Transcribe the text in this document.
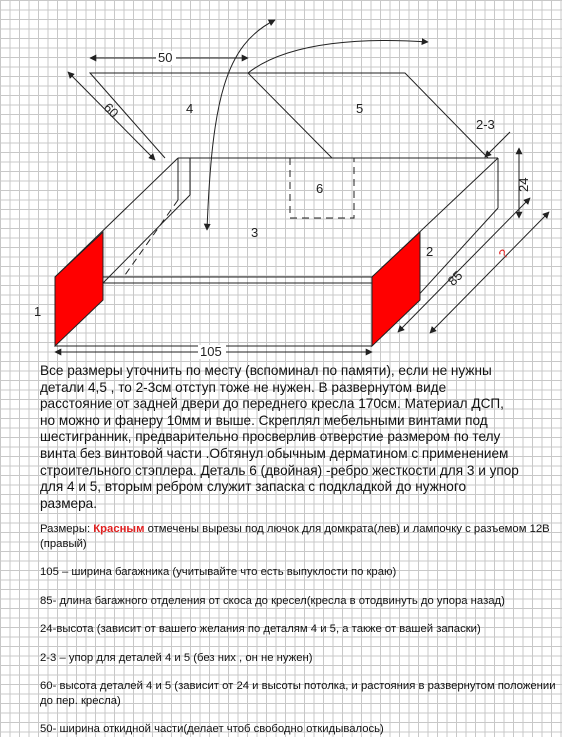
1
2
3
4	5
6
50
60
2-3
24
85
?
105

Все размеры уточнить по месту (вспоминал по памяти), если не нужны детали 4,5 , то 2-3см отступ тоже не нужен. В развернутом виде расстояние от задней двери до переднего кресла 170см. Материал ДСП, но можно и фанеру 10мм и выше. Скреплял мебельными винтами под шестигранник, предварительно просверлив отверстие размером по телу винта без винтовой части .Обтянул обычным дерматином с применением строительного стэплера. Деталь 6 (двойная) -ребро жесткости для 3 и упор для 4 и 5, вторым ребром служит запаска с подкладкой до нужного размера.

Размеры: Красным отмечены вырезы под лючок для домкрата(лев) и лампочку с разъемом 12В (правый)
105 – ширина багажника (учитывайте что есть выпуклости по краю)
85- длина багажного отделения от скоса до кресел(кресла в отодвинуть до упора назад)
24-высота (зависит от вашего желания по деталям 4 и 5, а также от вашей запаски)
2-3 – упор для деталей 4 и 5 (без них , он не нужен)
60- высота деталей 4 и 5 (зависит от 24 и высоты потолка, и растояния в развернутом положении до пер. кресла)
50- ширина откидной части(делает чтоб свободно откидывалось)
